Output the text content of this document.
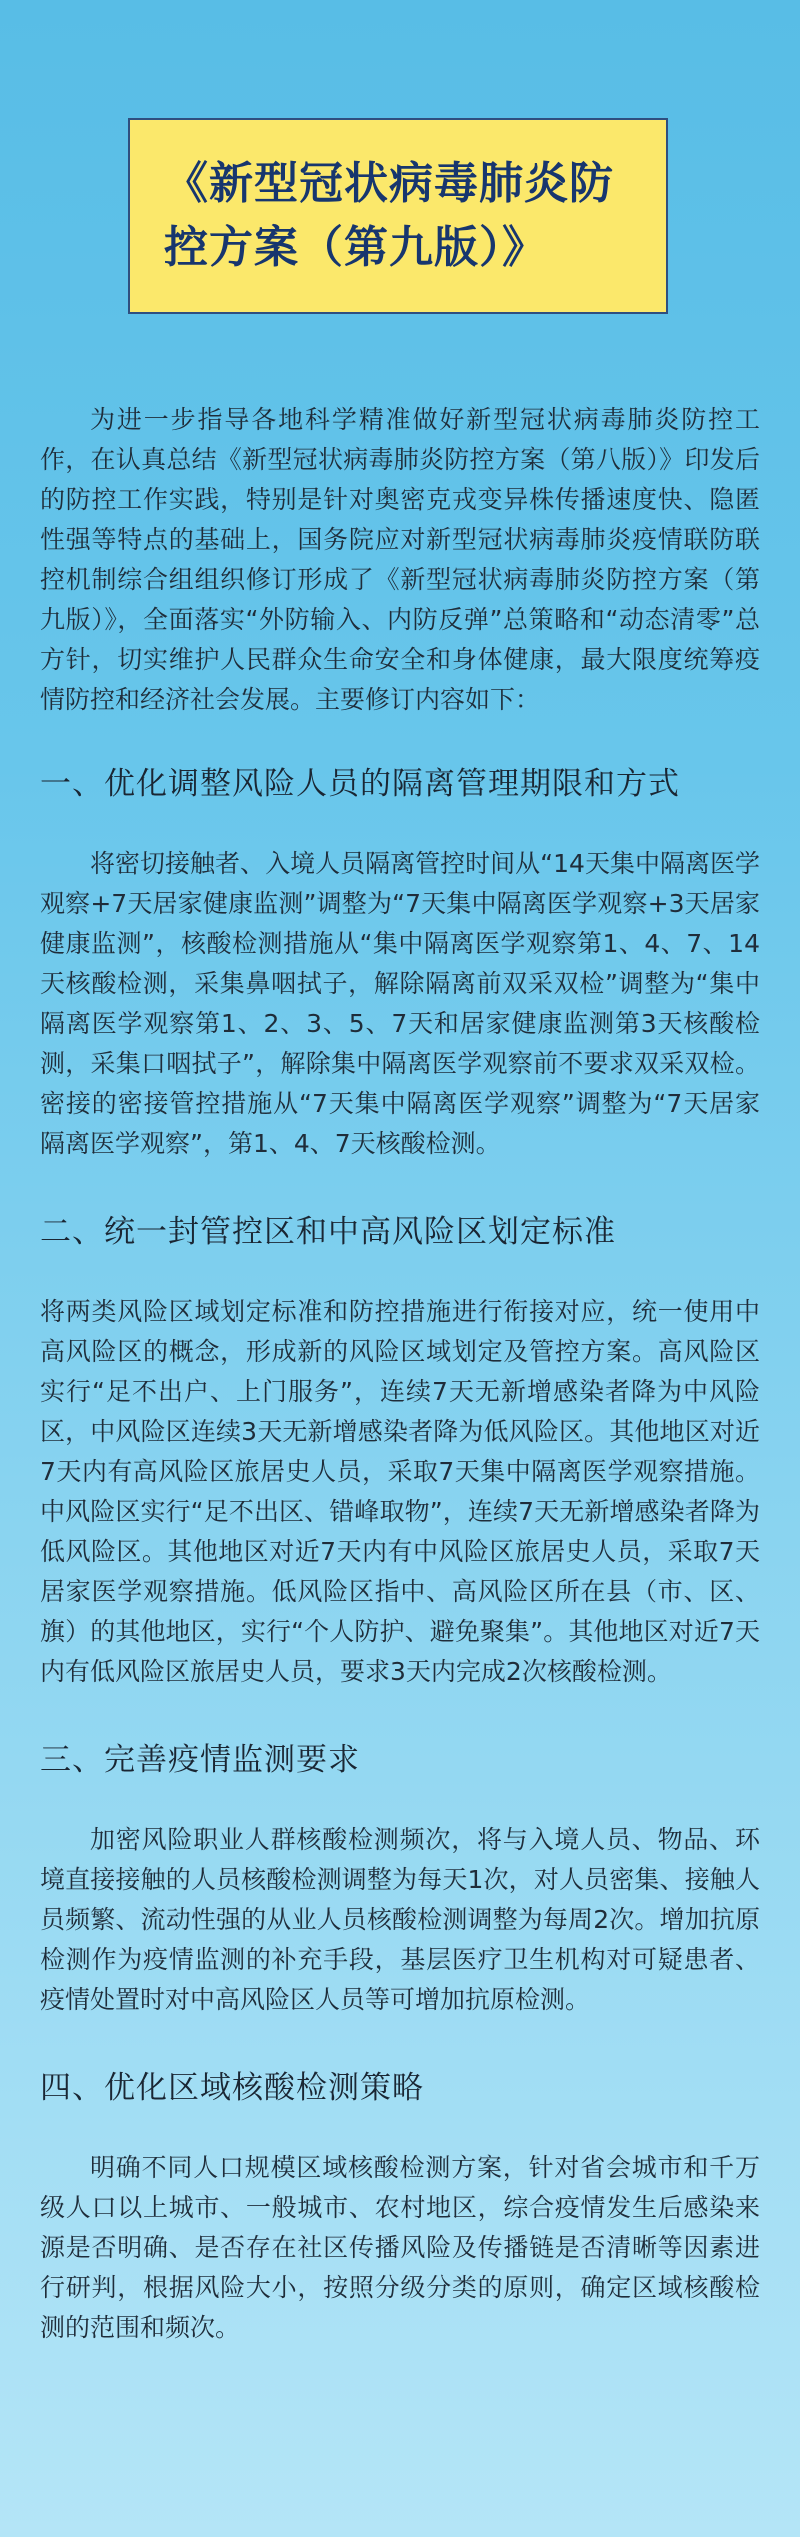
《新型冠状病毒肺炎防控方案（第九版）》

为进一步指导各地科学精准做好新型冠状病毒肺炎防控工作，在认真总结《新型冠状病毒肺炎防控方案（第八版）》印发后的防控工作实践，特别是针对奥密克戎变异株传播速度快、隐匿性强等特点的基础上，国务院应对新型冠状病毒肺炎疫情联防联控机制综合组组织修订形成了《新型冠状病毒肺炎防控方案（第九版）》，全面落实“外防输入、内防反弹”总策略和“动态清零”总方针，切实维护人民群众生命安全和身体健康，最大限度统筹疫情防控和经济社会发展。主要修订内容如下：

一、优化调整风险人员的隔离管理期限和方式

将密切接触者、入境人员隔离管控时间从“14天集中隔离医学观察+7天居家健康监测”调整为“7天集中隔离医学观察+3天居家健康监测”，核酸检测措施从“集中隔离医学观察第1、4、7、14天核酸检测，采集鼻咽拭子，解除隔离前双采双检”调整为“集中隔离医学观察第1、2、3、5、7天和居家健康监测第3天核酸检测，采集口咽拭子”，解除集中隔离医学观察前不要求双采双检。密接的密接管控措施从“7天集中隔离医学观察”调整为“7天居家隔离医学观察”，第1、4、7天核酸检测。

二、统一封管控区和中高风险区划定标准

将两类风险区域划定标准和防控措施进行衔接对应，统一使用中高风险区的概念，形成新的风险区域划定及管控方案。高风险区实行“足不出户、上门服务”，连续7天无新增感染者降为中风险区，中风险区连续3天无新增感染者降为低风险区。其他地区对近7天内有高风险区旅居史人员，采取7天集中隔离医学观察措施。中风险区实行“足不出区、错峰取物”，连续7天无新增感染者降为低风险区。其他地区对近7天内有中风险区旅居史人员，采取7天居家医学观察措施。低风险区指中、高风险区所在县（市、区、旗）的其他地区，实行“个人防护、避免聚集”。其他地区对近7天内有低风险区旅居史人员，要求3天内完成2次核酸检测。

三、完善疫情监测要求

加密风险职业人群核酸检测频次，将与入境人员、物品、环境直接接触的人员核酸检测调整为每天1次，对人员密集、接触人员频繁、流动性强的从业人员核酸检测调整为每周2次。增加抗原检测作为疫情监测的补充手段，基层医疗卫生机构对可疑患者、疫情处置时对中高风险区人员等可增加抗原检测。

四、优化区域核酸检测策略

明确不同人口规模区域核酸检测方案，针对省会城市和千万级人口以上城市、一般城市、农村地区，综合疫情发生后感染来源是否明确、是否存在社区传播风险及传播链是否清晰等因素进行研判，根据风险大小，按照分级分类的原则，确定区域核酸检测的范围和频次。
